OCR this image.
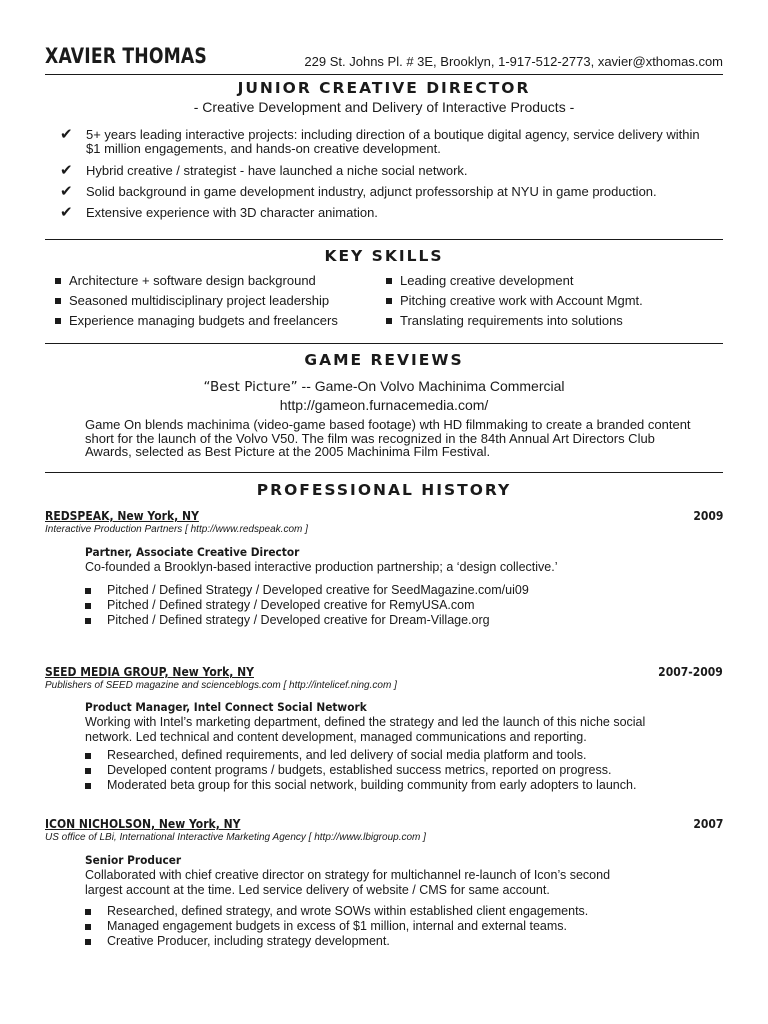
XAVIER THOMAS	229 St. Johns Pl. # 3E, Brooklyn, 1-917-512-2773, xavier@xthomas.com
JUNIOR CREATIVE DIRECTOR
- Creative Development and Delivery of Interactive Products -
✔ 5+ years leading interactive projects: including direction of a boutique digital agency, service delivery within $1 million engagements, and hands-on creative development.
✔ Hybrid creative / strategist - have launched a niche social network.
✔ Solid background in game development industry, adjunct professorship at NYU in game production.
✔ Extensive experience with 3D character animation.
KEY SKILLS
Architecture + software design background
Seasoned multidisciplinary project leadership
Experience managing budgets and freelancers
Leading creative development
Pitching creative work with Account Mgmt.
Translating requirements into solutions
GAME REVIEWS
“Best Picture” -- Game-On Volvo Machinima Commercial
http://gameon.furnacemedia.com/
Game On blends machinima (video-game based footage) wth HD filmmaking to create a branded content short for the launch of the Volvo V50. The film was recognized in the 84th Annual Art Directors Club Awards, selected as Best Picture at the 2005 Machinima Film Festival.
PROFESSIONAL HISTORY
REDSPEAK, New York, NY	2009
Interactive Production Partners [ http://www.redspeak.com ]
Partner, Associate Creative Director
Co-founded a Brooklyn-based interactive production partnership; a ‘design collective.’
Pitched / Defined Strategy / Developed creative for SeedMagazine.com/ui09
Pitched / Defined strategy / Developed creative for RemyUSA.com
Pitched / Defined strategy / Developed creative for Dream-Village.org
SEED MEDIA GROUP, New York, NY	2007-2009
Publishers of SEED magazine and scienceblogs.com [ http://intelicef.ning.com ]
Product Manager, Intel Connect Social Network
Working with Intel’s marketing department, defined the strategy and led the launch of this niche social
network. Led technical and content development, managed communications and reporting.
Researched, defined requirements, and led delivery of social media platform and tools.
Developed content programs / budgets, established success metrics, reported on progress.
Moderated beta group for this social network, building community from early adopters to launch.
ICON NICHOLSON, New York, NY	2007
US office of LBi, International Interactive Marketing Agency [ http://www.lbigroup.com ]
Senior Producer
Collaborated with chief creative director on strategy for multichannel re-launch of Icon’s second
largest account at the time. Led service delivery of website / CMS for same account.
Researched, defined strategy, and wrote SOWs within established client engagements.
Managed engagement budgets in excess of $1 million, internal and external teams.
Creative Producer, including strategy development.
